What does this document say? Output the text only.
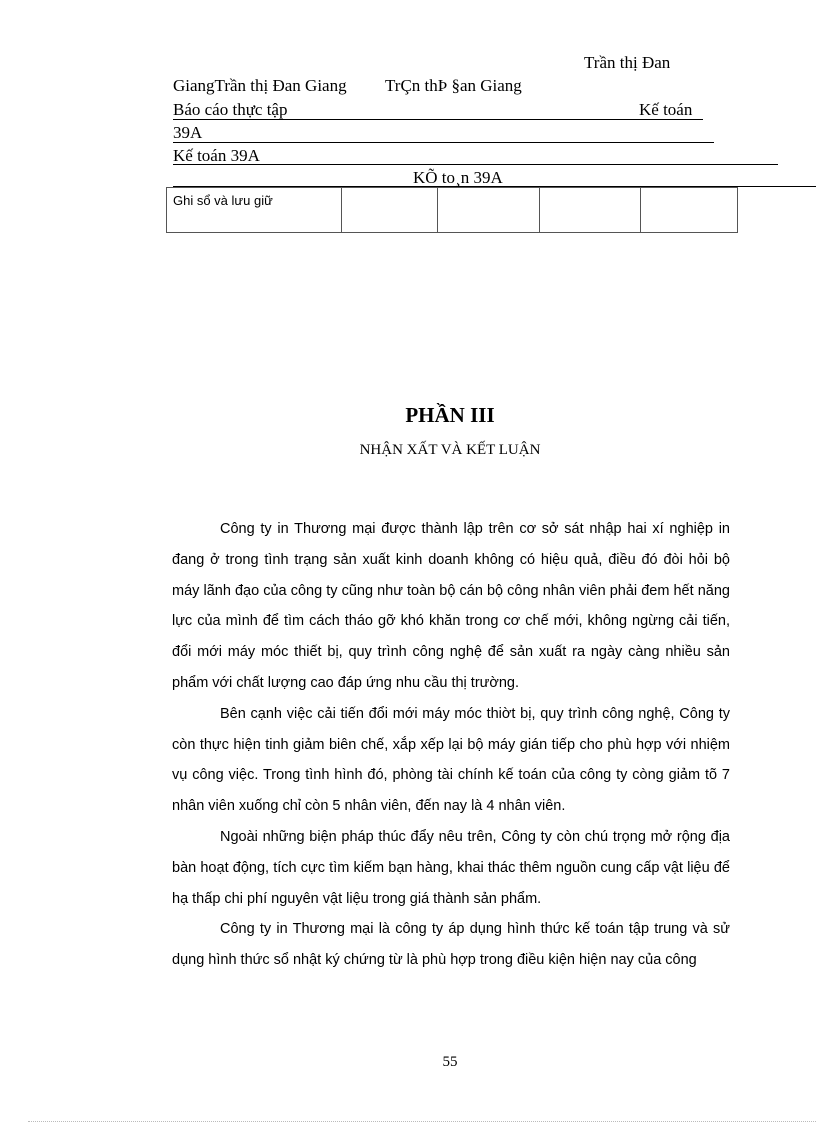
Trần thị Đan
GiangTrần thị Đan Giang TrÇn thÞ §an Giang
Báo cáo thực tập	Kế toán
39A
Kế toán 39A
KÕ to¸n 39A
Ghi sổ và lưu giữ

PHẦN III
NHẬN XẤT VÀ KẾT LUẬN

Công ty in Thương mại được thành lập trên cơ sở sát nhập hai xí nghiệp in đang ở trong tình trạng sản xuất kinh doanh không có hiệu quả, điều đó đòi hỏi bộ máy lãnh đạo của công ty cũng như toàn bộ cán bộ công nhân viên phải đem hết năng lực của mình để tìm cách tháo gỡ khó khăn trong cơ chế mới, không ngừng cải tiến, đổi mới máy móc thiết bị, quy trình công nghệ để sản xuất ra ngày càng nhiều sản phẩm với chất lượng cao đáp ứng nhu cầu thị trường.

Bên cạnh việc cải tiến đổi mới máy móc thiờt bị, quy trình công nghệ, Công ty còn thực hiện tinh giảm biên chế, xắp xếp lại bộ máy gián tiếp cho phù hợp với nhiệm vụ công việc. Trong tình hình đó, phòng tài chính kế toán của công ty còng giảm tõ 7 nhân viên xuống chỉ còn 5 nhân viên, đến nay là 4 nhân viên.

Ngoài những biện pháp thúc đẩy nêu trên, Công ty còn chú trọng mở rộng địa bàn hoạt động, tích cực tìm kiếm bạn hàng, khai thác thêm nguồn cung cấp vật liệu để hạ thấp chi phí nguyên vật liệu trong giá thành sản phẩm.

Công ty in Thương mại là công ty áp dụng hình thức kế toán tập trung và sử dụng hình thức sổ nhật ký chứng từ là phù hợp trong điều kiện hiện nay của công

55
